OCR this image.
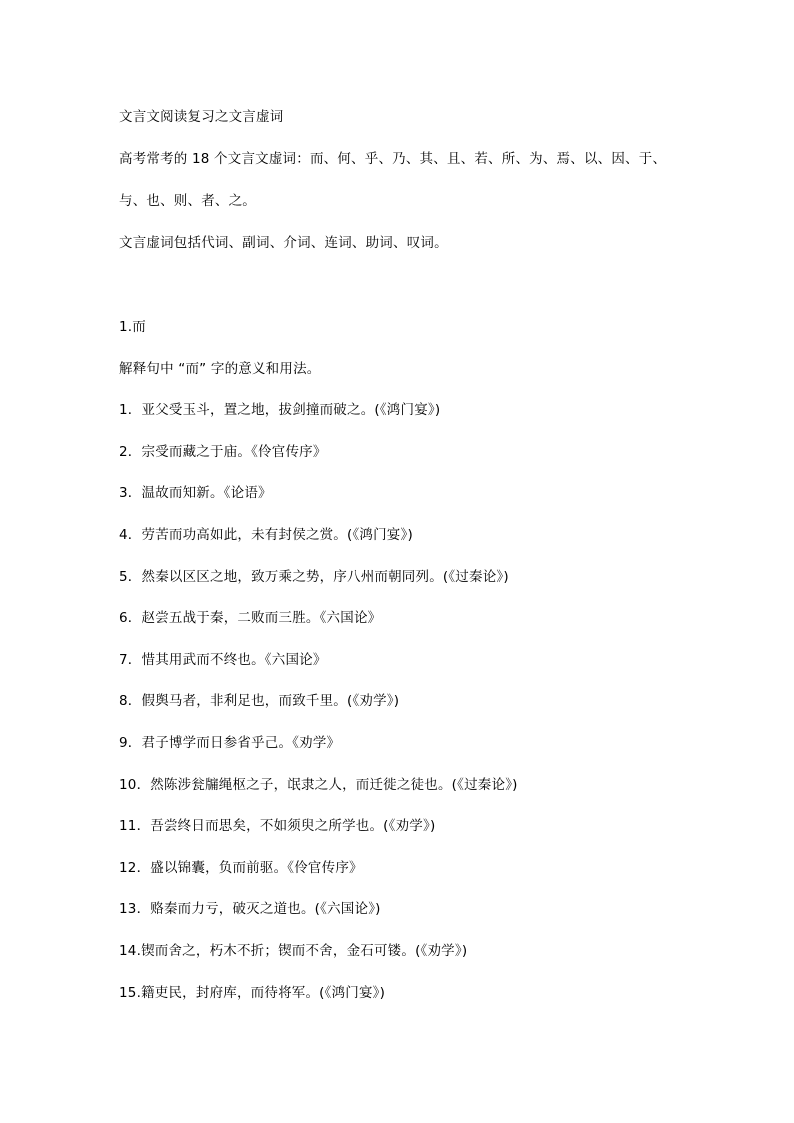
文言文阅读复习之文言虚词
高考常考的 18 个文言文虚词：而、何、乎、乃、其、且、若、所、为、焉、以、因、于、
与、也、则、者、之。
文言虚词包括代词、副词、介词、连词、助词、叹词。
1.而
解释句中 “而” 字的意义和用法。
1．亚父受玉斗，置之地，拔剑撞而破之。(《鸿门宴》)
2．宗受而藏之于庙。《伶官传序》
3．温故而知新。《论语》
4．劳苦而功高如此，未有封侯之赏。(《鸿门宴》)
5．然秦以区区之地，致万乘之势，序八州而朝同列。(《过秦论》)
6．赵尝五战于秦，二败而三胜。《六国论》
7．惜其用武而不终也。《六国论》
8．假舆马者，非利足也，而致千里。(《劝学》)
9．君子博学而日参省乎己。《劝学》
10．然陈涉瓮牖绳枢之子，氓隶之人，而迁徙之徒也。(《过秦论》)
11．吾尝终日而思矣，不如须臾之所学也。(《劝学》)
12．盛以锦囊，负而前驱。《伶官传序》
13．赂秦而力亏，破灭之道也。(《六国论》)
14.锲而舍之，朽木不折；锲而不舍，金石可镂。(《劝学》)
15.籍吏民，封府库，而待将军。(《鸿门宴》)
